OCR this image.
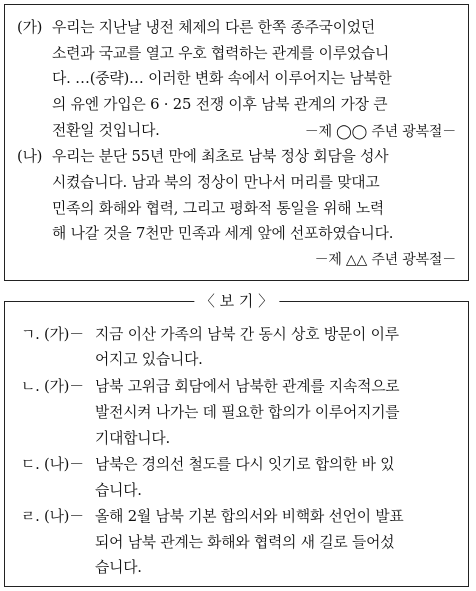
(가) 우리는 지난날 냉전 체제의 다른 한쪽 종주국이었던
소련과 국교를 열고 우호 협력하는 관계를 이루었습니
다. …(중략)… 이러한 변화 속에서 이루어지는 남북한
의 유엔 가입은 6 · 25 전쟁 이후 남북 관계의 가장 큰
전환일 것입니다.	－제 ◯◯ 주년 광복절－
(나) 우리는 분단 55년 만에 최초로 남북 정상 회담을 성사
시켰습니다. 남과 북의 정상이 만나서 머리를 맞대고
민족의 화해와 협력, 그리고 평화적 통일을 위해 노력
해 나갈 것을 7천만 민족과 세계 앞에 선포하였습니다.
－제 △△ 주년 광복절－
〈 보 기 〉
ㄱ. (가)－ 지금 이산 가족의 남북 간 동시 상호 방문이 이루
어지고 있습니다.
ㄴ. (가)－ 남북 고위급 회담에서 남북한 관계를 지속적으로
발전시켜 나가는 데 필요한 합의가 이루어지기를
기대합니다.
ㄷ. (나)－ 남북은 경의선 철도를 다시 잇기로 합의한 바 있
습니다.
ㄹ. (나)－ 올해 2월 남북 기본 합의서와 비핵화 선언이 발표
되어 남북 관계는 화해와 협력의 새 길로 들어섰
습니다.
